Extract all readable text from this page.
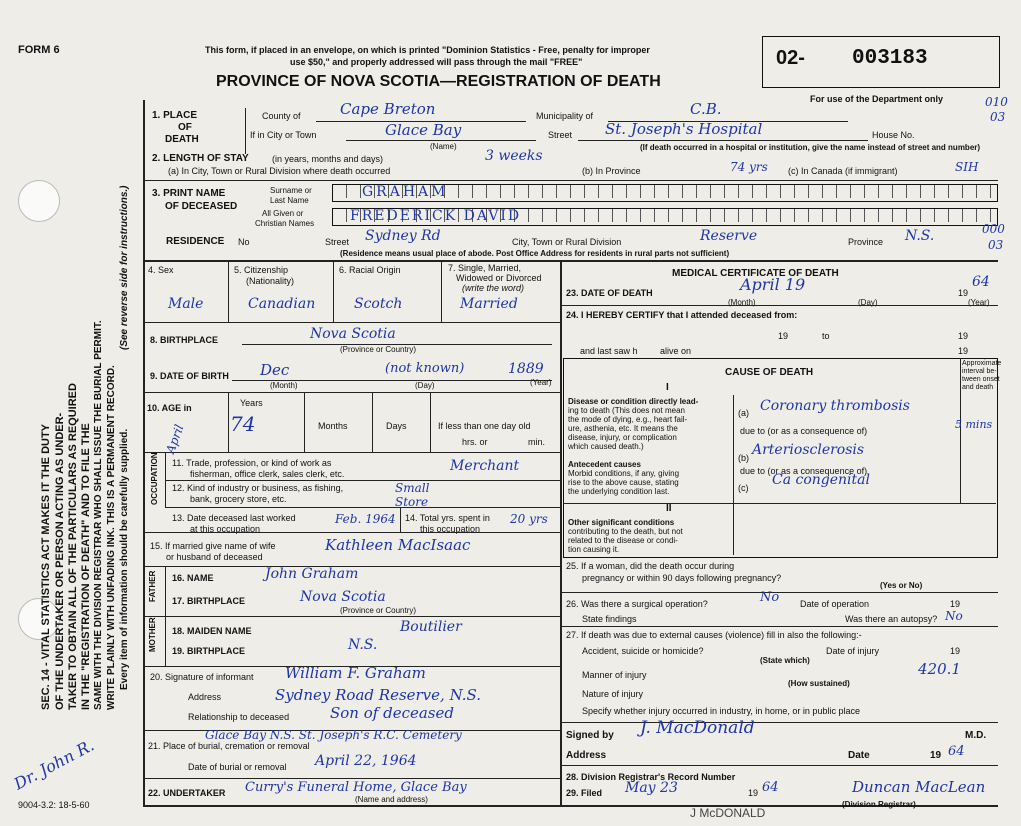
FORM 6	This form, if placed in an envelope, on which is printed "Dominion Statistics - Free, penalty for improper
use $50," and properly addressed will pass through the mail "FREE"
PROVINCE OF NOVA SCOTIA—REGISTRATION OF DEATH
02- 003183
For use of the Department only
SEC. 14 - VITAL STATISTICS ACT MAKES IT THE DUTY OF THE UNDERTAKER OR PERSON ACTING AS UNDER- TAKER TO OBTAIN ALL OF THE PARTICULARS AS REQUIRED IN THE "REGISTRATION OF DEATH" AND TO FILE THE SAME WITH THE DIVISION REGISTRAR WHO SHALL ISSUE THE BURIAL PERMIT. WRITE PLAINLY WITH UNFADING INK. THIS IS A PERMANENT RECORD.
(See reverse side for instructions.)
Every item of information should be carefully supplied.
1. PLACE
OF
DEATH
County of	Cape Breton	Municipality of	C.B.	010
If in City or Town	Glace Bay
(Name)
Street St. Joseph's Hospital	House No.
03
(If death occurred in a hospital or institution, give the name instead of street and number)
2. LENGTH OF STAY	(in years, months and days)	3 weeks
(a) In City, Town or Rural Division where death occurred	(b) In Province	74 yrs (c) In Canada (if immigrant)	SIH
3. PRINT NAME
OF DECEASED
Surname or
Last Name
All Given or
Christian Names
GRAHAM
FREDERICK DAVID
RESIDENCE No	Street Sydney Rd	City, Town or Rural Division	Reserve	Province N.S.	000
03
(Residence means usual place of abode. Post Office Address for residents in rural parts not sufficient)
4. Sex	5. Citizenship
(Nationality)
6. Racial Origin	7. Single, Married,
Widowed or Divorced
(write the word)
Male	Canadian	Scotch	Married
8. BIRTHPLACE	Nova Scotia
(Province or Country)
9. DATE OF BIRTH Dec	(not known)	1889
(Month)	(Day)	(Year)
10. AGE in
April
Years
74	Months	Days	If less than one day old
hrs. or	min.
OCCUPATION 11. Trade, profession, or kind of work as
fisherman, office clerk, sales clerk, etc.	Merchant
12. Kind of industry or business, as fishing,
bank, grocery store, etc.
Small Store
13. Date deceased last worked
at this occupation
Feb. 1964 14. Total yrs. spent in
this occupation
20 yrs
15. If married give name of wife
or husband of deceased
Kathleen MacIsaac
FATHER
MOTHER
16. NAME	John Graham
17. BIRTHPLACE	Nova Scotia
(Province or Country)
18. MAIDEN NAME	Boutilier
19. BIRTHPLACE	N.S.
20. Signature of informant William F. Graham
Address	Sydney Road Reserve, N.S.
Relationship to deceased	Son of deceased
21. Place of burial, cremation or removal
Glace Bay N.S. St. Joseph's R.C. Cemetery
Date of burial or removal April 22, 1964
22. UNDERTAKER Curry's Funeral Home, Glace Bay
(Name and address)
Dr. John R.
9004-3.2: 18-5-60
MEDICAL CERTIFICATE OF DEATH
23. DATE OF DEATH	April 19	19
64
(Month)	(Day)	(Year)
24. I HEREBY CERTIFY that I attended deceased from:
19	to	19
and last saw h alive on	19
CAUSE OF DEATH
Approximate
interval be-
tween onset
and death
I
Disease or condition directly lead-
ing to death (This does not mean
the mode of dying, e.g., heart fail-
ure, asthenia, etc. It means the
disease, injury, or complication
which caused death.)
(a) Coronary thrombosis
5 mins
due to (or as a consequence of)
Antecedent causes
Morbid conditions, if any, giving
rise to the above cause, stating
the underlying condition last.
(b) Arteriosclerosis
due to (or as a consequence of)
(c) Ca congenital
II
Other significant conditions
contributing to the death, but not
related to the disease or condi-
tion causing it.
25. If a woman, did the death occur during
pregnancy or within 90 days following pregnancy?
(Yes or No)
26. Was there a surgical operation?	No Date of operation	19
State findings	Was there an autopsy? No
27. If death was due to external causes (violence) fill in also the following:-
Accident, suicide or homicide?
(State which)
Date of injury	19
Manner of injury	420.1
(How sustained)
Nature of injury
Specify whether injury occurred in industry, in home, or in public place
Signed by J. MacDonald	M.D.
Address	Date	19 64
28. Division Registrar's Record Number
29. Filed May 23	19 64	Duncan MacLean
(Division Registrar)
J McDONALD
